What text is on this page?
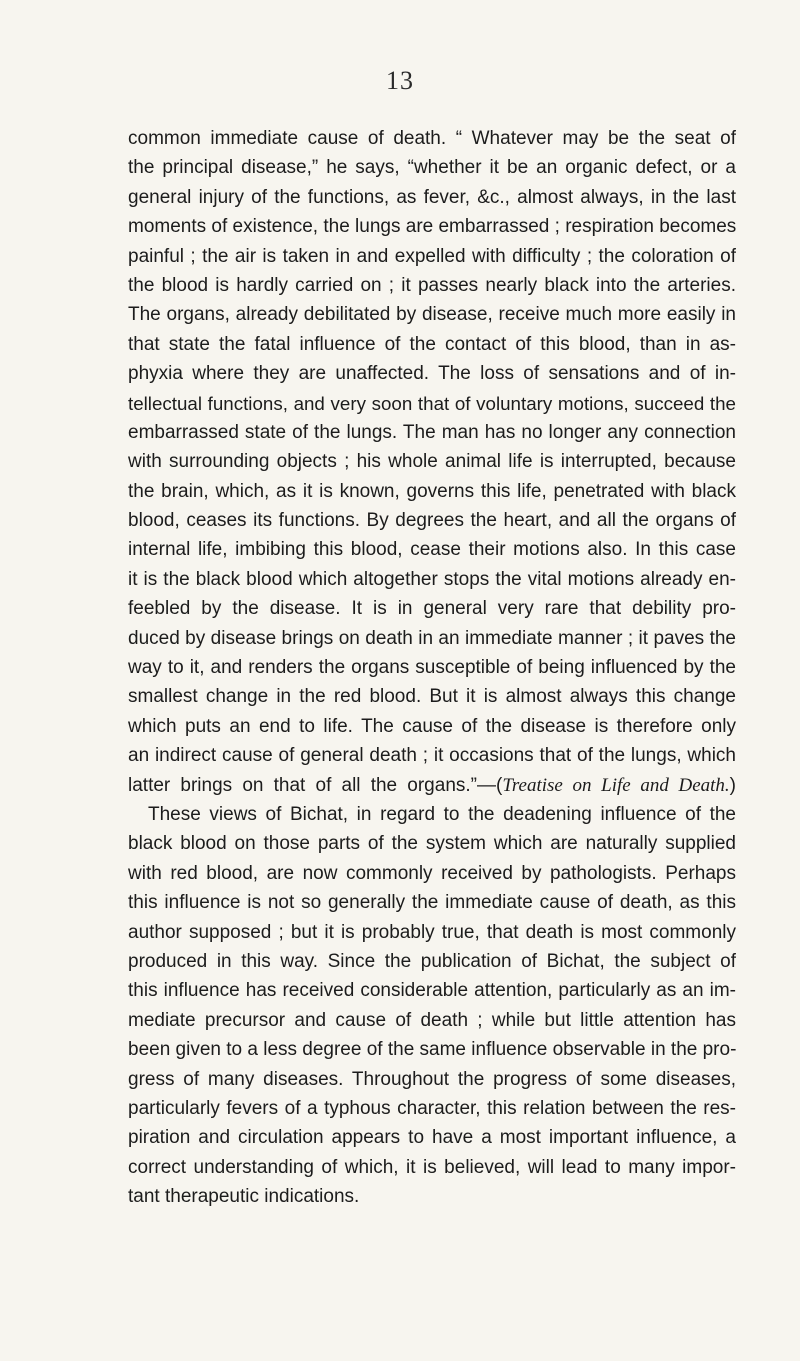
13
common immediate cause of death. “ Whatever may be the seat of
the principal disease,” he says, “whether it be an organic defect, or a
general injury of the functions, as fever, &c., almost always, in the last
moments of existence, the lungs are embarrassed ; respiration becomes
painful ; the air is taken in and expelled with difficulty ; the coloration of
the blood is hardly carried on ; it passes nearly black into the arteries.
The organs, already debilitated by disease, receive much more easily in
that state the fatal influence of the contact of this blood, than in as-
phyxia where they are unaffected. The loss of sensations and of in-
tellectual functions, and very soon that of voluntary motions, succeed the
embarrassed state of the lungs. The man has no longer any connection
with surrounding objects ; his whole animal life is interrupted, because
the brain, which, as it is known, governs this life, penetrated with black
blood, ceases its functions. By degrees the heart, and all the organs of
internal life, imbibing this blood, cease their motions also. In this case
it is the black blood which altogether stops the vital motions already en-
feebled by the disease. It is in general very rare that debility pro-
duced by disease brings on death in an immediate manner ; it paves the
way to it, and renders the organs susceptible of being influenced by the
smallest change in the red blood. But it is almost always this change
which puts an end to life. The cause of the disease is therefore only
an indirect cause of general death ; it occasions that of the lungs, which
latter brings on that of all the organs.”—(Treatise on Life and Death.)
These views of Bichat, in regard to the deadening influence of the
black blood on those parts of the system which are naturally supplied
with red blood, are now commonly received by pathologists. Perhaps
this influence is not so generally the immediate cause of death, as this
author supposed ; but it is probably true, that death is most commonly
produced in this way. Since the publication of Bichat, the subject of
this influence has received considerable attention, particularly as an im-
mediate precursor and cause of death ; while but little attention has
been given to a less degree of the same influence observable in the pro-
gress of many diseases. Throughout the progress of some diseases,
particularly fevers of a typhous character, this relation between the res-
piration and circulation appears to have a most important influence, a
correct understanding of which, it is believed, will lead to many impor-
tant therapeutic indications.
